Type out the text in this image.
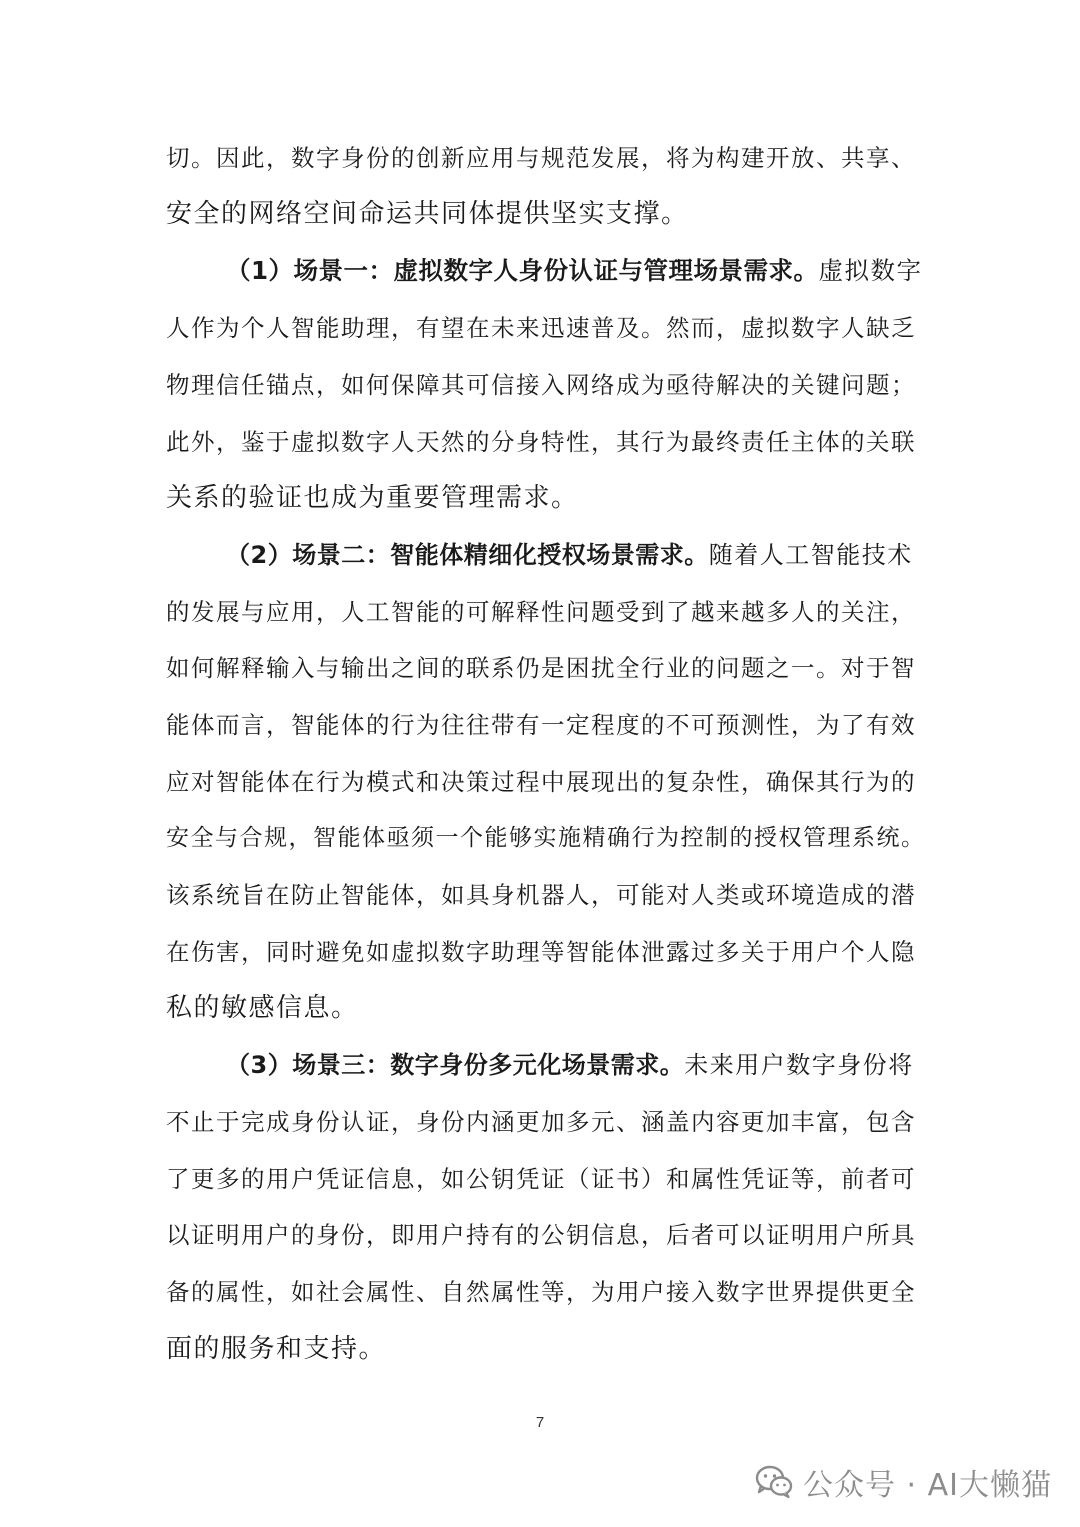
切。因此，数字身份的创新应用与规范发展，将为构建开放、共享、
安全的网络空间命运共同体提供坚实支撑。
（1）场景一：虚拟数字人身份认证与管理场景需求。虚拟数字
人作为个人智能助理，有望在未来迅速普及。然而，虚拟数字人缺乏
物理信任锚点，如何保障其可信接入网络成为亟待解决的关键问题；
此外，鉴于虚拟数字人天然的分身特性，其行为最终责任主体的关联
关系的验证也成为重要管理需求。
（2）场景二：智能体精细化授权场景需求。随着人工智能技术
的发展与应用，人工智能的可解释性问题受到了越来越多人的关注，
如何解释输入与输出之间的联系仍是困扰全行业的问题之一。对于智
能体而言，智能体的行为往往带有一定程度的不可预测性，为了有效
应对智能体在行为模式和决策过程中展现出的复杂性，确保其行为的
安全与合规，智能体亟须一个能够实施精确行为控制的授权管理系统。
该系统旨在防止智能体，如具身机器人，可能对人类或环境造成的潜
在伤害，同时避免如虚拟数字助理等智能体泄露过多关于用户个人隐
私的敏感信息。
（3）场景三：数字身份多元化场景需求。未来用户数字身份将
不止于完成身份认证，身份内涵更加多元、涵盖内容更加丰富，包含
了更多的用户凭证信息，如公钥凭证（证书）和属性凭证等，前者可
以证明用户的身份，即用户持有的公钥信息，后者可以证明用户所具
备的属性，如社会属性、自然属性等，为用户接入数字世界提供更全
面的服务和支持。
7
公众号 · AI大懒猫
